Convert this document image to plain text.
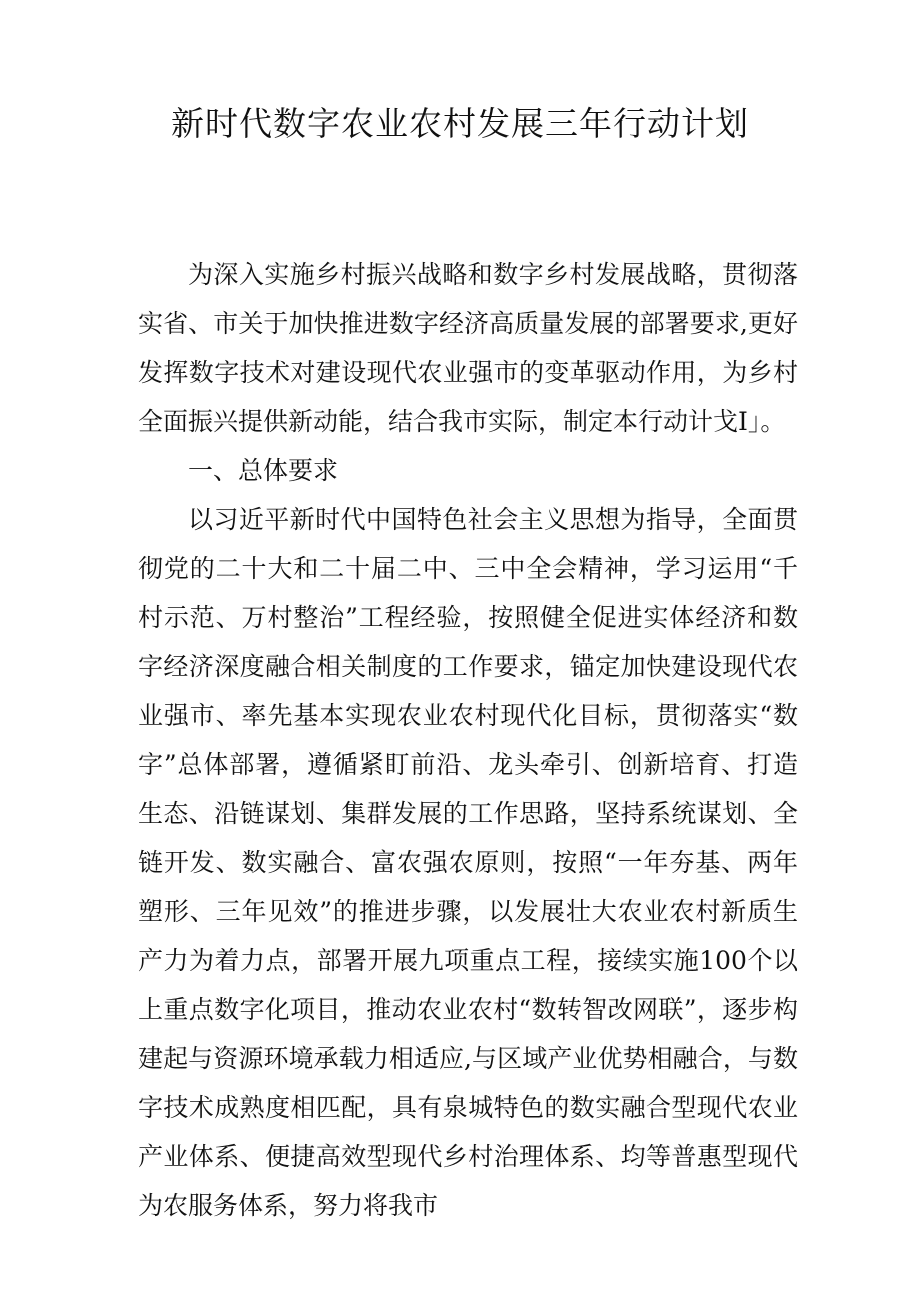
新时代数字农业农村发展三年行动计划

为深入实施乡村振兴战略和数字乡村发展战略，贯彻落实省、市关于加快推进数字经济高质量发展的部署要求,更好发挥数字技术对建设现代农业强市的变革驱动作用，为乡村全面振兴提供新动能，结合我市实际，制定本行动计戈I」。

一、总体要求

以习近平新时代中国特色社会主义思想为指导，全面贯彻党的二十大和二十届二中、三中全会精神，学习运用“千村示范、万村整治”工程经验，按照健全促进实体经济和数字经济深度融合相关制度的工作要求，锚定加快建设现代农业强市、率先基本实现农业农村现代化目标，贯彻落实“数字”总体部署，遵循紧盯前沿、龙头牵引、创新培育、打造生态、沿链谋划、集群发展的工作思路，坚持系统谋划、全链开发、数实融合、富农强农原则，按照“一年夯基、两年塑形、三年见效”的推进步骤，以发展壮大农业农村新质生产力为着力点，部署开展九项重点工程，接续实施100个以上重点数字化项目，推动农业农村“数转智改网联”，逐步构建起与资源环境承载力相适应,与区域产业优势相融合，与数字技术成熟度相匹配，具有泉城特色的数实融合型现代农业产业体系、便捷高效型现代乡村治理体系、均等普惠型现代为农服务体系，努力将我市
